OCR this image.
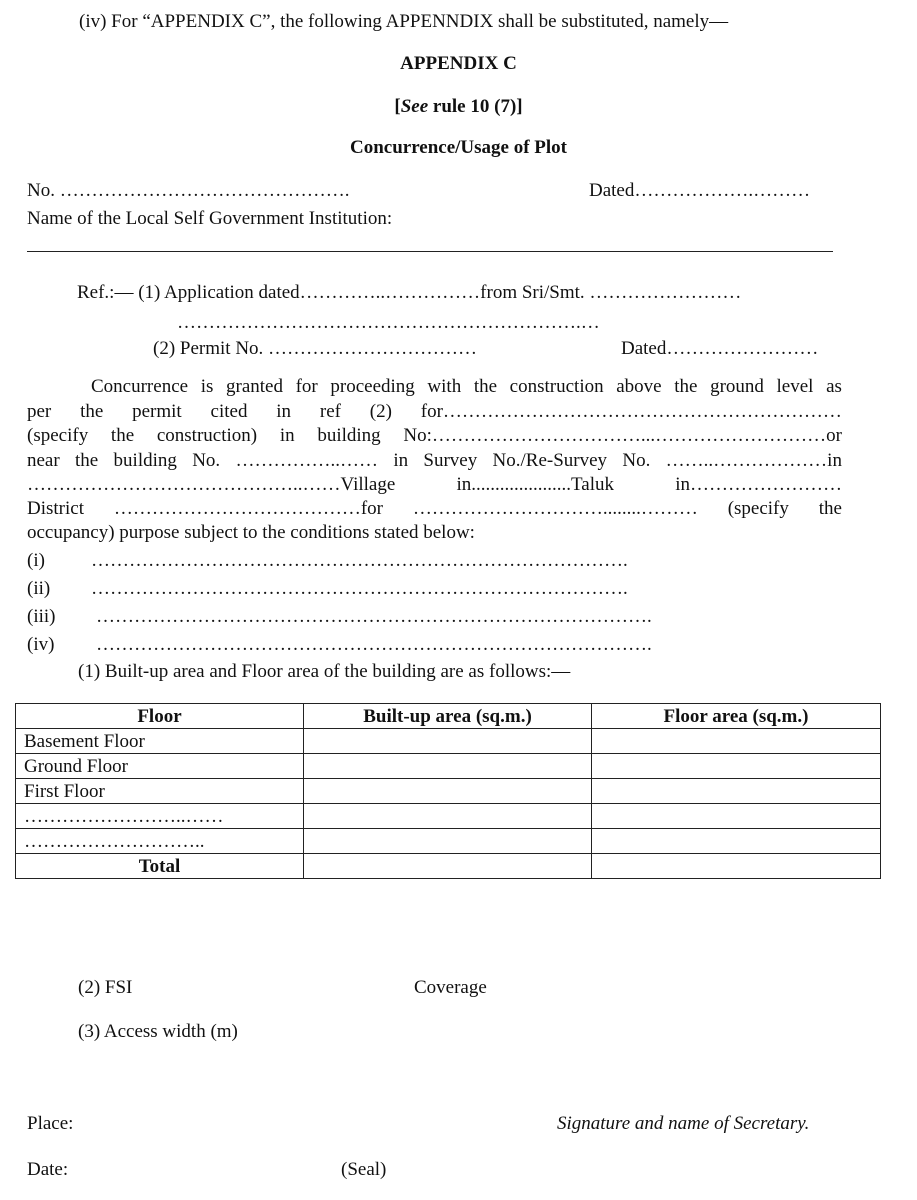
(iv) For “APPENDIX C”, the following APPENNDIX shall be substituted, namely—
APPENDIX C
[See rule 10 (7)]
Concurrence/Usage of Plot
No. ……………………………………….	Dated……………….………
Name of the Local Self Government Institution:
Ref.:— (1) Application dated…………..……………from Sri/Smt. ……………………
……………………………………………………….…
(2) Permit No. ……………………………	Dated……………………
Concurrence is granted for proceeding with the construction above the ground level as
per the permit cited in ref (2) for………………………………………………………
(specify the construction) in building No:……………………………...………………………or
near the building No. ……………..…… in Survey No./Re-Survey No. ……..………………in
……………………………………..……Village	in.....................Taluk	in……………………
District …………………………………for …………………………........……… (specify the
occupancy) purpose subject to the conditions stated below:
(i) ………………………………………………………………………….
(ii) ………………………………………………………………………….
(iii) …………………………………………………………………………….
(iv) …………………………………………………………………………….
(1) Built-up area and Floor area of the building are as follows:—
Floor	Built-up area (sq.m.)	Floor area (sq.m.)
Basement Floor		
Ground Floor		
First Floor		
……………………..……		
………………………..		
Total		
(2) FSI	Coverage
(3) Access width (m)
Place:	Signature and name of Secretary.
Date:	(Seal)
